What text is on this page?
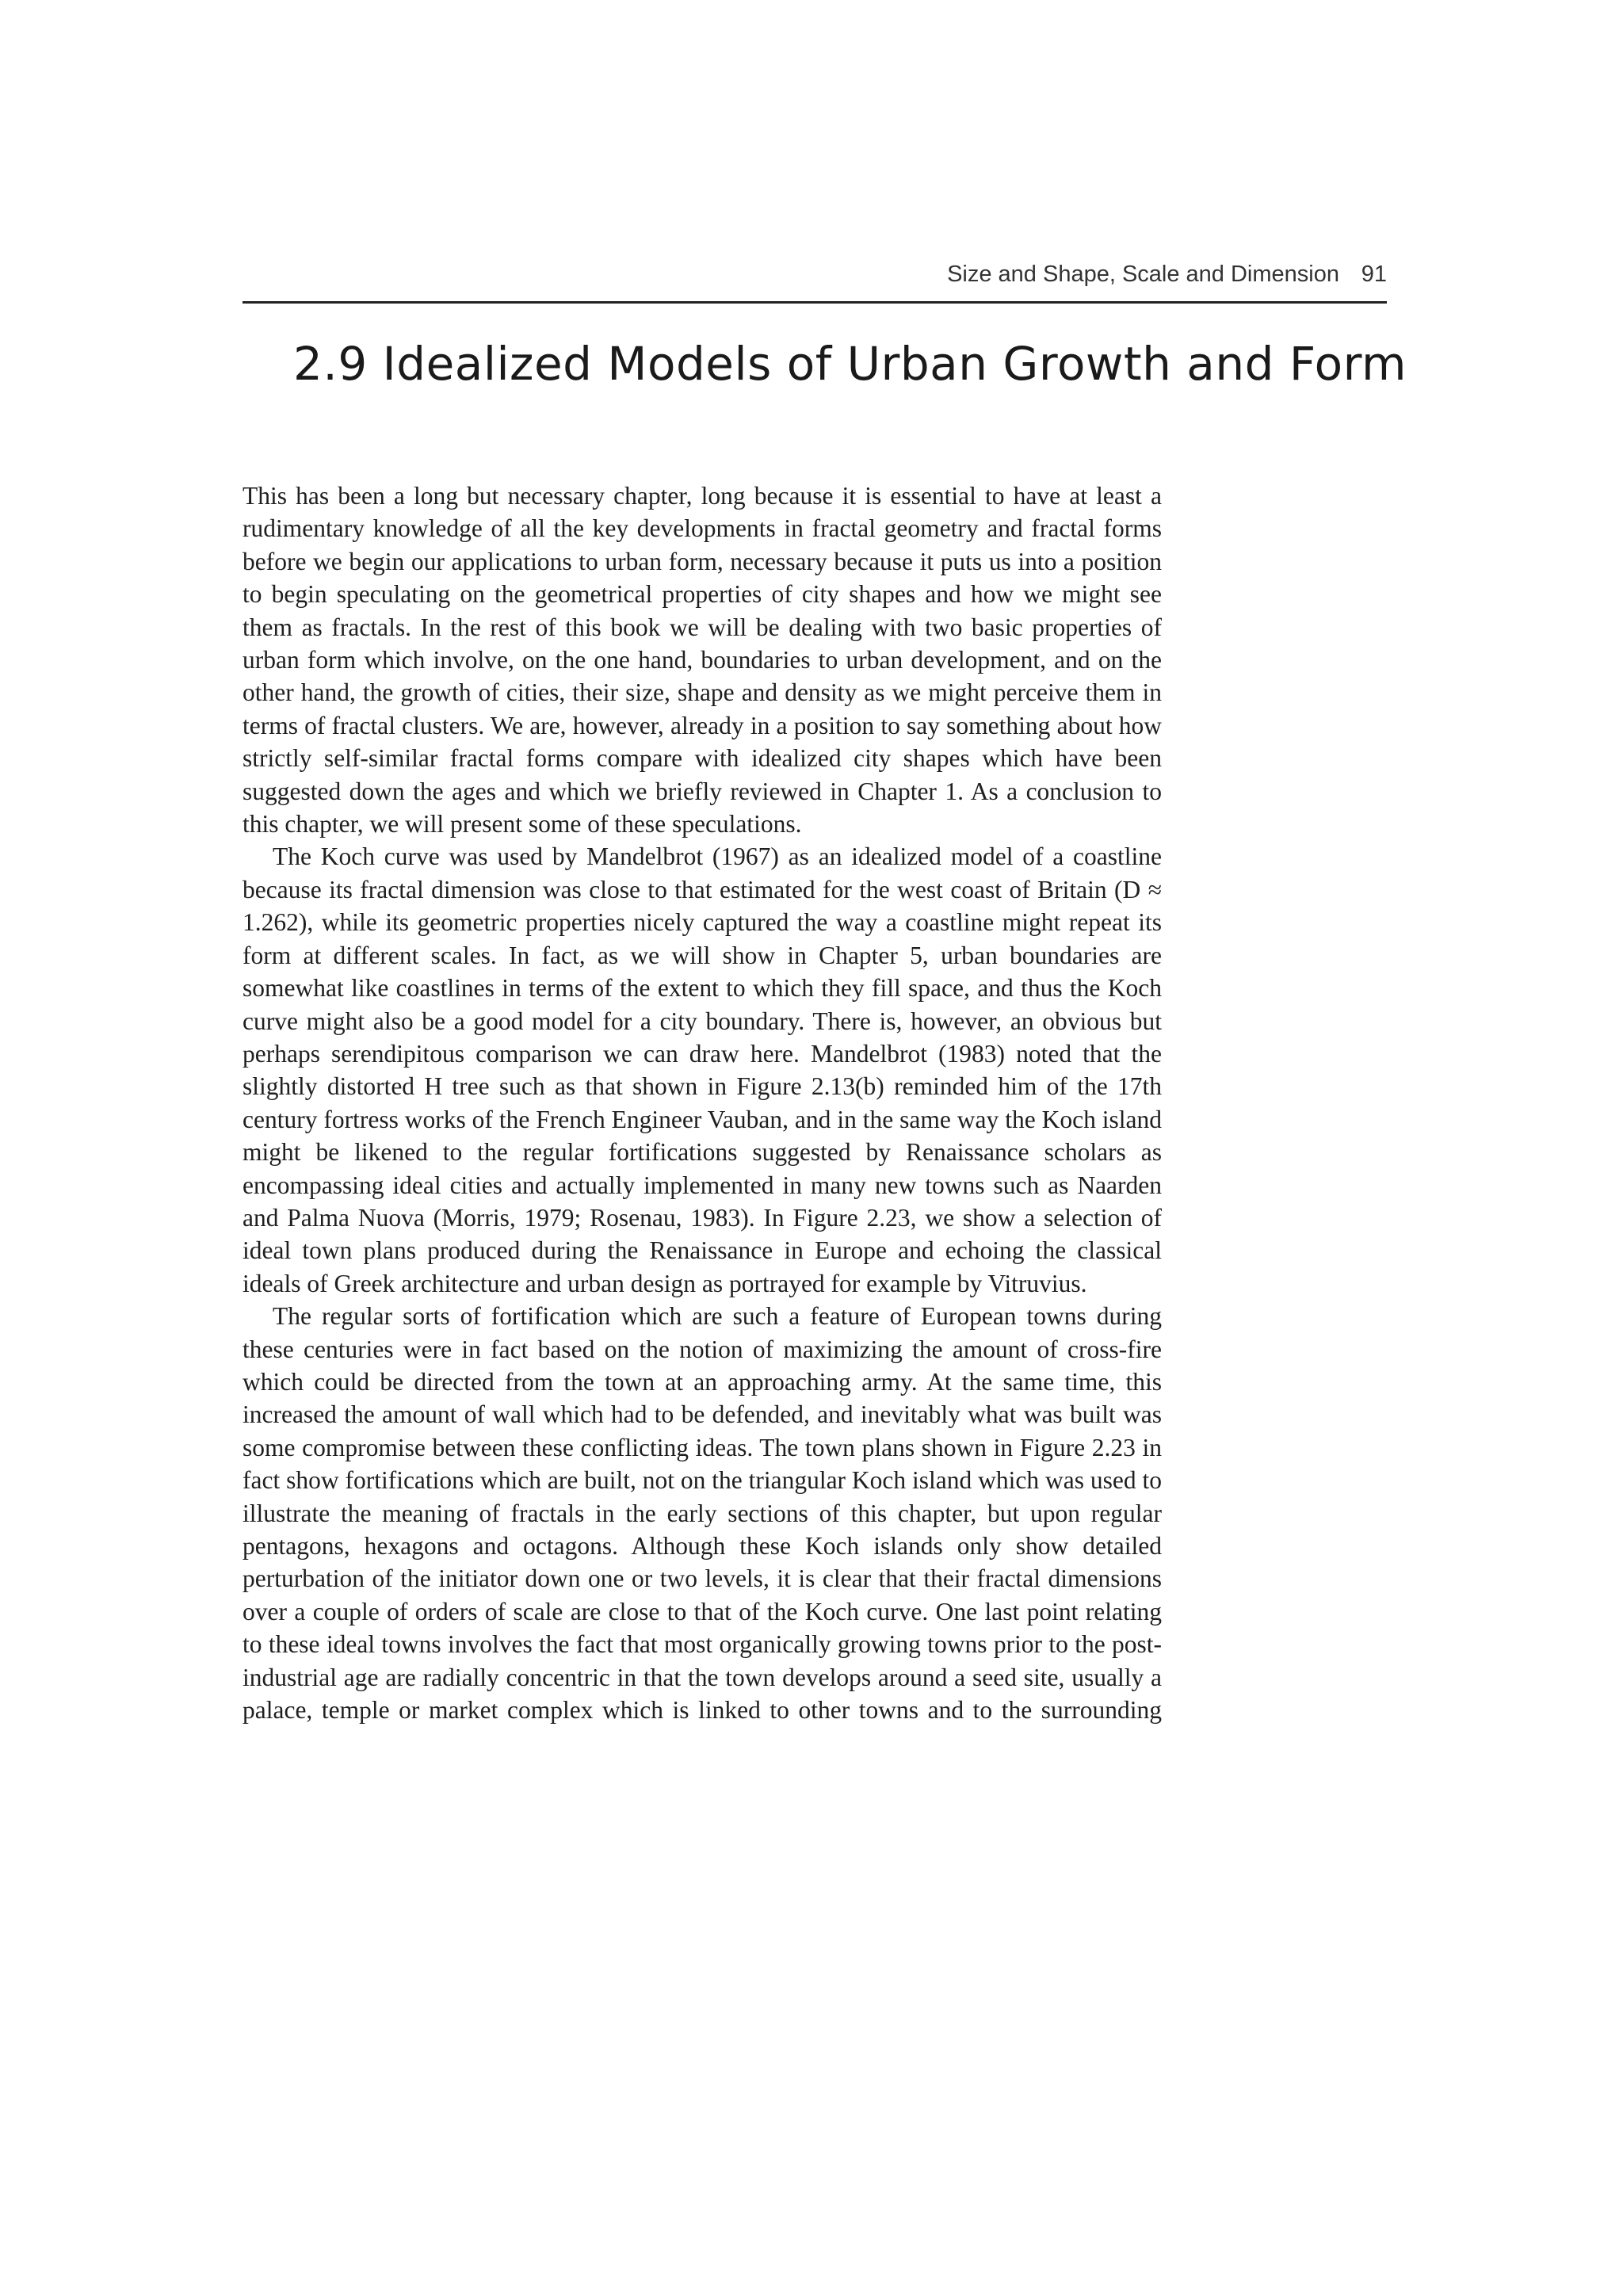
Size and Shape, Scale and Dimension 91
2.9 Idealized Models of Urban Growth and Form

This has been a long but necessary chapter, long because it is essential to have at least a rudimentary knowledge of all the key developments in fractal geometry and fractal forms before we begin our applications to urban form, necessary because it puts us into a position to begin speculating on the geometrical properties of city shapes and how we might see them as fractals. In the rest of this book we will be dealing with two basic properties of urban form which involve, on the one hand, boundaries to urban development, and on the other hand, the growth of cities, their size, shape and density as we might perceive them in terms of fractal clusters. We are, however, already in a position to say something about how strictly self-similar fractal forms compare with idealized city shapes which have been suggested down the ages and which we briefly reviewed in Chapter 1. As a conclusion to this chapter, we will present some of these speculations.

The Koch curve was used by Mandelbrot (1967) as an idealized model of a coastline because its fractal dimension was close to that estimated for the west coast of Britain (D ≈ 1.262), while its geometric properties nicely captured the way a coastline might repeat its form at different scales. In fact, as we will show in Chapter 5, urban boundaries are somewhat like coastlines in terms of the extent to which they fill space, and thus the Koch curve might also be a good model for a city boundary. There is, however, an obvious but perhaps serendipitous comparison we can draw here. Mandelbrot (1983) noted that the slightly distorted H tree such as that shown in Figure 2.13(b) reminded him of the 17th century fortress works of the French Engineer Vauban, and in the same way the Koch island might be likened to the regular fortifications suggested by Renaissance scholars as encompassing ideal cities and actually implemented in many new towns such as Naarden and Palma Nuova (Morris, 1979; Rosenau, 1983). In Figure 2.23, we show a selection of ideal town plans produced during the Renaissance in Europe and echoing the classical ideals of Greek architecture and urban design as portrayed for example by Vitruvius.

The regular sorts of fortification which are such a feature of European towns during these centuries were in fact based on the notion of maximizing the amount of cross-fire which could be directed from the town at an approaching army. At the same time, this increased the amount of wall which had to be defended, and inevitably what was built was some compromise between these conflicting ideas. The town plans shown in Figure 2.23 in fact show fortifications which are built, not on the triangular Koch island which was used to illustrate the meaning of fractals in the early sections of this chapter, but upon regular pentagons, hexagons and octagons. Although these Koch islands only show detailed perturbation of the initiator down one or two levels, it is clear that their fractal dimensions over a couple of orders of scale are close to that of the Koch curve. One last point relating to these ideal towns involves the fact that most organically growing towns prior to the post-industrial age are radially concentric in that the town develops around a seed site, usually a palace, temple or market complex which is linked to other towns and to the surrounding
